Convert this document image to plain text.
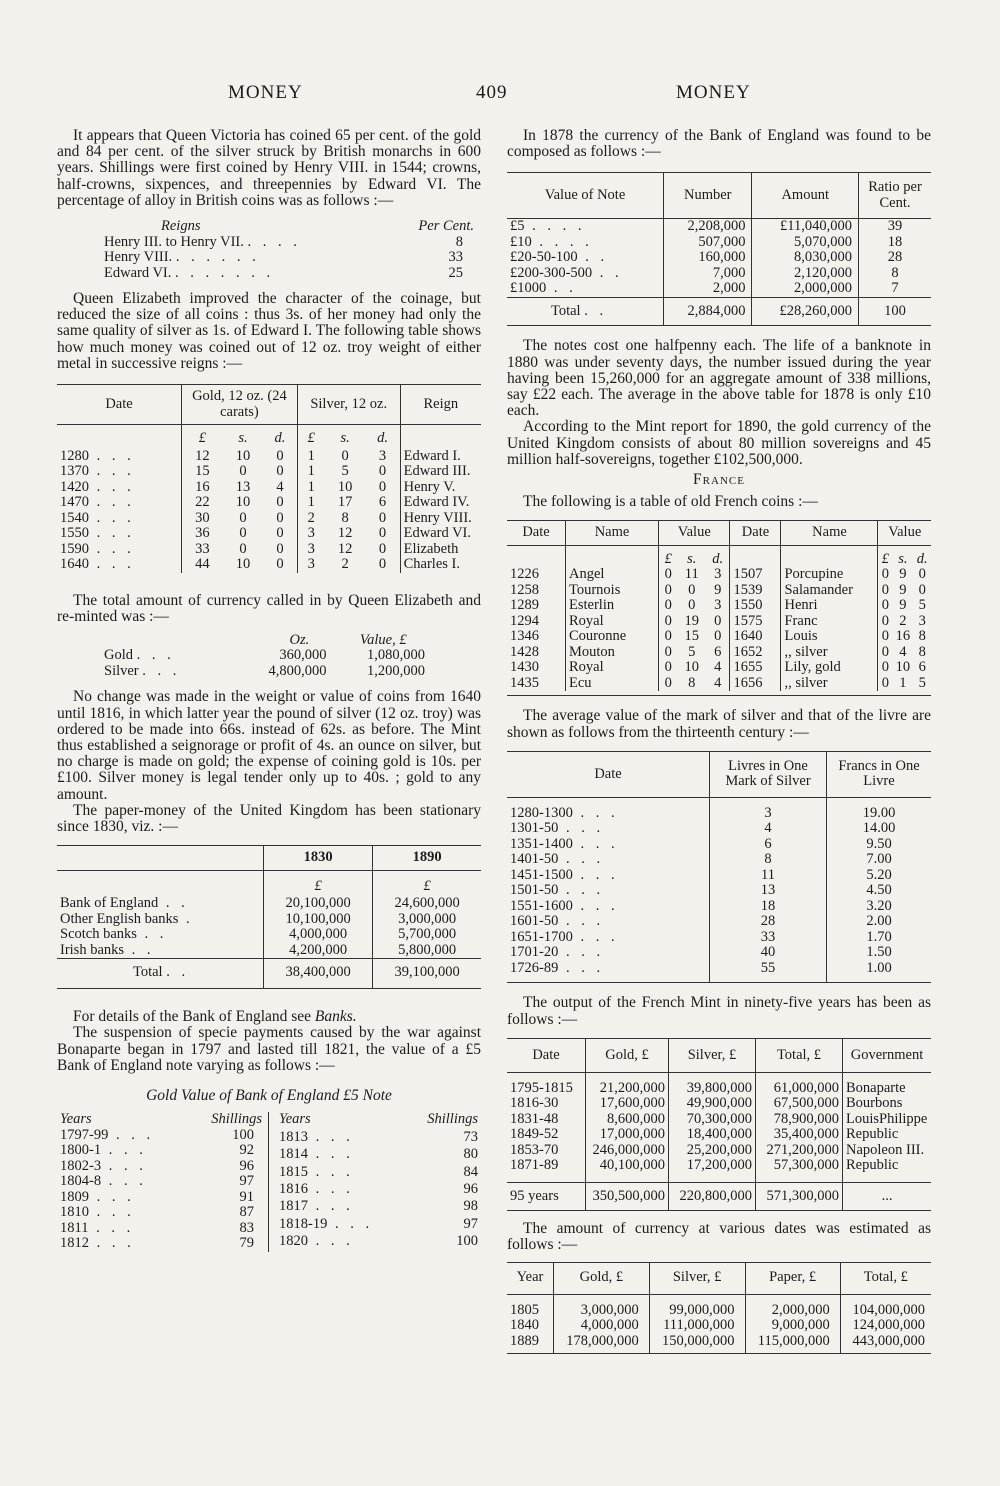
MONEY	409	MONEY

It appears that Queen Victoria has coined 65 per cent. of the gold and 84 per cent. of the silver struck by British monarchs in 600 years. Shillings were first coined by Henry VIII. in 1544; crowns, half-crowns, sixpences, and threepennies by Edward VI. The percentage of alloy in British coins was as follows :—

Reigns	Per Cent.
Henry III. to Henry VII. . . . .	8
Henry VIII. . . . . . .	33
Edward VI. . . . . . . .	25

Queen Elizabeth improved the character of the coinage, but reduced the size of all coins : thus 3s. of her money had only the same quality of silver as 1s. of Edward I. The following table shows how much money was coined out of 12 oz. troy weight of either metal in successive reigns :—

Date	Gold, 12 oz. (24 carats)			Silver, 12 oz.			Reign
	£	s.	d.	£	s.	d.	
1280 . . .	12	10	0	1	0	3	Edward I.
1370 . . .	15	0	0	1	5	0	Edward III.
1420 . . .	16	13	4	1	10	0	Henry V.
1470 . . .	22	10	0	1	17	6	Edward IV.
1540 . . .	30	0	0	2	8	0	Henry VIII.
1550 . . .	36	0	0	3	12	0	Edward VI.
1590 . . .	33	0	0	3	12	0	Elizabeth
1640 . . .	44	10	0	3	2	0	Charles I.

The total amount of currency called in by Queen Elizabeth and re-minted was :—

	Oz.	Value, £
Gold . . .	360,000	1,080,000
Silver . . .	4,800,000	1,200,000

No change was made in the weight or value of coins from 1640 until 1816, in which latter year the pound of silver (12 oz. troy) was ordered to be made into 66s. instead of 62s. as before. The Mint thus established a seignorage or profit of 4s. an ounce on silver, but no charge is made on gold; the expense of coining gold is 10s. per £100. Silver money is legal tender only up to 40s. ; gold to any amount.

The paper-money of the United Kingdom has been stationary since 1830, viz. :—

	1830	1890
	£	£
Bank of England . .	20,100,000	24,600,000
Other English banks .	10,100,000	3,000,000
Scotch banks . .	4,000,000	5,700,000
Irish banks . .	4,200,000	5,800,000
Total . .	38,400,000	39,100,000

For details of the Bank of England see Banks.

The suspension of specie payments caused by the war against Bonaparte began in 1797 and lasted till 1821, the value of a £5 Bank of England note varying as follows :—

Gold Value of Bank of England £5 Note
Years	Shillings
1797-99 . . .	100
1800-1 . . .	92
1802-3 . . .	96
1804-8 . . .	97
1809 . . .	91
1810 . . .	87
1811 . . .	83
1812 . . .	79
Years	Shillings
1813 . . .	73
1814 . . .	80
1815 . . .	84
1816 . . .	96
1817 . . .	98
1818-19 . . .	97
1820 . . .	100

In 1878 the currency of the Bank of England was found to be composed as follows :—

Value of Note	Number	Amount	Ratio per Cent.
£5 . . . .	2,208,000	£11,040,000	39
£10 . . . .	507,000	5,070,000	18
£20-50-100 . .	160,000	8,030,000	28
£200-300-500 . .	7,000	2,120,000	8
£1000 . .	2,000	2,000,000	7
Total . .	2,884,000	£28,260,000	100

The notes cost one halfpenny each. The life of a banknote in 1880 was under seventy days, the number issued during the year having been 15,260,000 for an aggregate amount of 338 millions, say £22 each. The average in the above table for 1878 is only £10 each.

According to the Mint report for 1890, the gold currency of the United Kingdom consists of about 80 million sovereigns and 45 million half-sovereigns, together £102,500,000.

France

The following is a table of old French coins :—

Date	Name	Value			Date	Name	Value		
		£	s.	d.			£	s.	d.
1226	Angel	0	11	3	1507	Porcupine	0	9	0
1258	Tournois	0	0	9	1539	Salamander	0	9	0
1289	Esterlin	0	0	3	1550	Henri	0	9	5
1294	Royal	0	19	0	1575	Franc	0	2	3
1346	Couronne	0	15	0	1640	Louis	0	16	8
1428	Mouton	0	5	6	1652	,, silver	0	4	8
1430	Royal	0	10	4	1655	Lily, gold	0	10	6
1435	Ecu	0	8	4	1656	,, silver	0	1	5

The average value of the mark of silver and that of the livre are shown as follows from the thirteenth century :—

Date	Livres in One Mark of Silver	Francs in One Livre

1280-1300 . . .	3	19.00
1301-50 . . .	4	14.00
1351-1400 . . .	6	9.50
1401-50 . . .	8	7.00
1451-1500 . . .	11	5.20
1501-50 . . .	13	4.50
1551-1600 . . .	18	3.20
1601-50 . . .	28	2.00
1651-1700 . . .	33	1.70
1701-20 . . .	40	1.50
1726-89 . . .	55	1.00

The output of the French Mint in ninety-five years has been as follows :—

Date	Gold, £	Silver, £	Total, £	Government

1795-1815	21,200,000	39,800,000	61,000,000	Bonaparte
1816-30	17,600,000	49,900,000	67,500,000	Bourbons
1831-48	8,600,000	70,300,000	78,900,000	LouisPhilippe
1849-52	17,000,000	18,400,000	35,400,000	Republic
1853-70	246,000,000	25,200,000	271,200,000	Napoleon III.
1871-89	40,100,000	17,200,000	57,300,000	Republic

95 years	350,500,000	220,800,000	571,300,000	...

The amount of currency at various dates was estimated as follows :—

Year	Gold, £	Silver, £	Paper, £	Total, £

1805	3,000,000	99,000,000	2,000,000	104,000,000
1840	4,000,000	111,000,000	9,000,000	124,000,000
1889	178,000,000	150,000,000	115,000,000	443,000,000
